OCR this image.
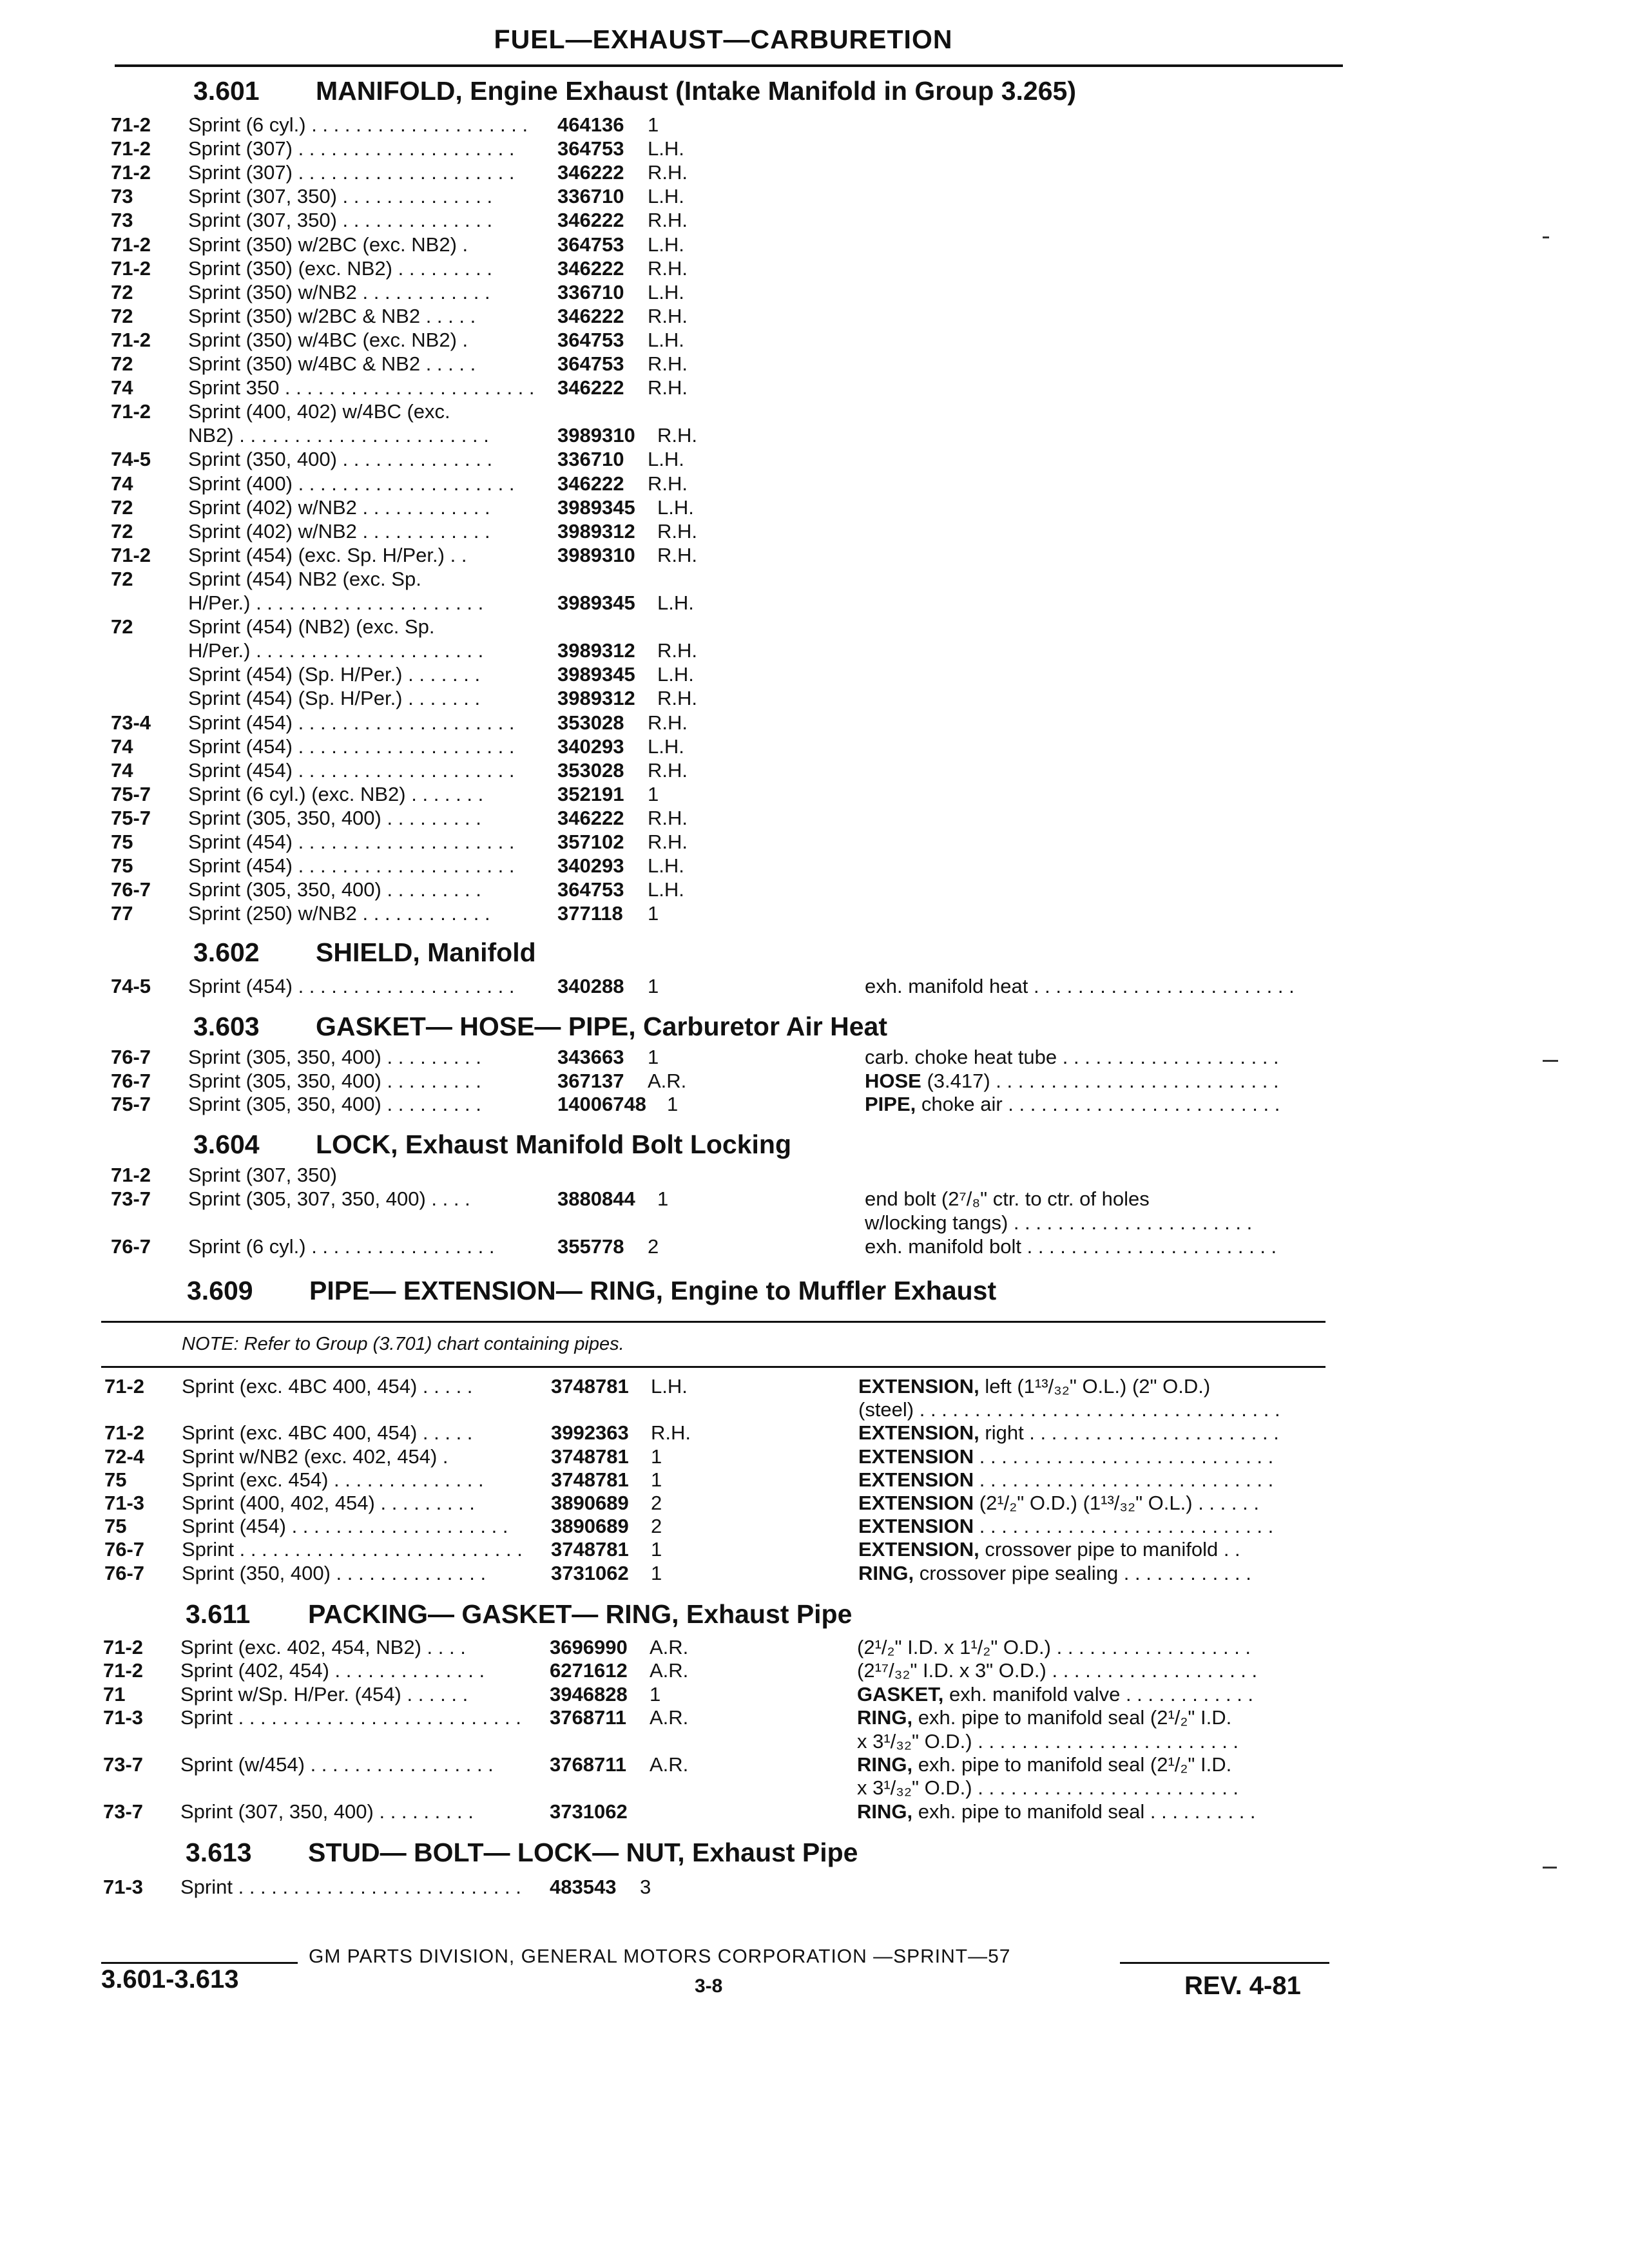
FUEL—EXHAUST—CARBURETION
3.601 MANIFOLD, Engine Exhaust (Intake Manifold in Group 3.265)
71-2 Sprint (6 cyl.) . . . . . . . . . . . . . . . . . . . .	464136 1
71-2 Sprint (307) . . . . . . . . . . . . . . . . . . . .	364753 L.H.
71-2 Sprint (307) . . . . . . . . . . . . . . . . . . . .	346222 R.H.
73	Sprint (307, 350) . . . . . . . . . . . . . .	336710 L.H.
73	Sprint (307, 350) . . . . . . . . . . . . . .	346222 R.H.
71-2 Sprint (350) w/2BC (exc. NB2) .	364753 L.H.
71-2 Sprint (350) (exc. NB2) . . . . . . . . .	346222 R.H.
72	Sprint (350) w/NB2 . . . . . . . . . . . .	336710 L.H.
72	Sprint (350) w/2BC & NB2 . . . . .	346222 R.H.
71-2 Sprint (350) w/4BC (exc. NB2) .	364753 L.H.
72	Sprint (350) w/4BC & NB2 . . . . .	364753 R.H.
74	Sprint 350 . . . . . . . . . . . . . . . . . . . . . . . 346222 R.H.
71-2 Sprint (400, 402) w/4BC (exc.
NB2) . . . . . . . . . . . . . . . . . . . . . . .	3989310 R.H.
74-5 Sprint (350, 400) . . . . . . . . . . . . . .	336710 L.H.
74	Sprint (400) . . . . . . . . . . . . . . . . . . . .	346222 R.H.
72	Sprint (402) w/NB2 . . . . . . . . . . . .	3989345 L.H.
72	Sprint (402) w/NB2 . . . . . . . . . . . .	3989312 R.H.
71-2 Sprint (454) (exc. Sp. H/Per.) . .	3989310 R.H.
72	Sprint (454) NB2 (exc. Sp.
H/Per.) . . . . . . . . . . . . . . . . . . . . .	3989345 L.H.
72	Sprint (454) (NB2) (exc. Sp.
H/Per.) . . . . . . . . . . . . . . . . . . . . .	3989312 R.H.
Sprint (454) (Sp. H/Per.) . . . . . . .	3989345 L.H.
Sprint (454) (Sp. H/Per.) . . . . . . .	3989312 R.H.
73-4 Sprint (454) . . . . . . . . . . . . . . . . . . . .	353028 R.H.
74	Sprint (454) . . . . . . . . . . . . . . . . . . . .	340293 L.H.
74	Sprint (454) . . . . . . . . . . . . . . . . . . . .	353028 R.H.
75-7 Sprint (6 cyl.) (exc. NB2) . . . . . . .	352191 1
75-7 Sprint (305, 350, 400) . . . . . . . . .	346222 R.H.
75	Sprint (454) . . . . . . . . . . . . . . . . . . . .	357102 R.H.
75	Sprint (454) . . . . . . . . . . . . . . . . . . . .	340293 L.H.
76-7 Sprint (305, 350, 400) . . . . . . . . .	364753 L.H.
77	Sprint (250) w/NB2 . . . . . . . . . . . .	377118 1
3.602 SHIELD, Manifold
74-5 Sprint (454) . . . . . . . . . . . . . . . . . . . .	340288 1	exh. manifold heat . . . . . . . . . . . . . . . . . . . . . . . .
3.603 GASKET— HOSE— PIPE, Carburetor Air Heat
76-7 Sprint (305, 350, 400) . . . . . . . . .	343663 1	carb. choke heat tube . . . . . . . . . . . . . . . . . . . .
76-7 Sprint (305, 350, 400) . . . . . . . . .	367137 A.R.	HOSE (3.417) . . . . . . . . . . . . . . . . . . . . . . . . . .
75-7 Sprint (305, 350, 400) . . . . . . . . .	14006748 1	PIPE, choke air . . . . . . . . . . . . . . . . . . . . . . . . .
3.604 LOCK, Exhaust Manifold Bolt Locking
71-2 Sprint (307, 350)
73-7 Sprint (305, 307, 350, 400) . . . .	3880844 1	end bolt (2⁷/₈" ctr. to ctr. of holes
w/locking tangs) . . . . . . . . . . . . . . . . . . . . . .
76-7 Sprint (6 cyl.) . . . . . . . . . . . . . . . . .	355778 2	exh. manifold bolt . . . . . . . . . . . . . . . . . . . . . . .
3.609 PIPE— EXTENSION— RING, Engine to Muffler Exhaust
NOTE: Refer to Group (3.701) chart containing pipes.
71-2 Sprint (exc. 4BC 400, 454) . . . . .	3748781 L.H.	EXTENSION, left (1¹³/₃₂" O.L.) (2" O.D.)
(steel) . . . . . . . . . . . . . . . . . . . . . . . . . . . . . . . . .
71-2 Sprint (exc. 4BC 400, 454) . . . . .	3992363 R.H.	EXTENSION, right . . . . . . . . . . . . . . . . . . . . . . .
72-4 Sprint w/NB2 (exc. 402, 454) .	3748781 1	EXTENSION . . . . . . . . . . . . . . . . . . . . . . . . . . .
75	Sprint (exc. 454) . . . . . . . . . . . . . .	3748781 1	EXTENSION . . . . . . . . . . . . . . . . . . . . . . . . . . .
71-3 Sprint (400, 402, 454) . . . . . . . . .	3890689 2	EXTENSION (2¹/₂" O.D.) (1¹³/₃₂" O.L.) . . . . . .
75	Sprint (454) . . . . . . . . . . . . . . . . . . . .	3890689 2	EXTENSION . . . . . . . . . . . . . . . . . . . . . . . . . . .
76-7 Sprint . . . . . . . . . . . . . . . . . . . . . . . . . .	3748781 1	EXTENSION, crossover pipe to manifold . .
76-7 Sprint (350, 400) . . . . . . . . . . . . . .	3731062 1	RING, crossover pipe sealing . . . . . . . . . . . .
3.611 PACKING— GASKET— RING, Exhaust Pipe
71-2 Sprint (exc. 402, 454, NB2) . . . .	3696990 A.R.	(2¹/₂" I.D. x 1¹/₂" O.D.) . . . . . . . . . . . . . . . . . .
71-2 Sprint (402, 454) . . . . . . . . . . . . . .	6271612 A.R.	(2¹⁷/₃₂" I.D. x 3" O.D.) . . . . . . . . . . . . . . . . . . .
71	Sprint w/Sp. H/Per. (454) . . . . . .	3946828 1	GASKET, exh. manifold valve . . . . . . . . . . . .
71-3 Sprint . . . . . . . . . . . . . . . . . . . . . . . . . .	3768711 A.R.	RING, exh. pipe to manifold seal (2¹/₂" I.D.
x 3¹/₃₂" O.D.) . . . . . . . . . . . . . . . . . . . . . . . .
73-7 Sprint (w/454) . . . . . . . . . . . . . . . . .	3768711 A.R.	RING, exh. pipe to manifold seal (2¹/₂" I.D.
x 3¹/₃₂" O.D.) . . . . . . . . . . . . . . . . . . . . . . . .
73-7 Sprint (307, 350, 400) . . . . . . . . .	3731062	RING, exh. pipe to manifold seal . . . . . . . . . .
3.613 STUD— BOLT— LOCK— NUT, Exhaust Pipe
71-3 Sprint . . . . . . . . . . . . . . . . . . . . . . . . . .	483543 3
GM PARTS DIVISION, GENERAL MOTORS CORPORATION —SPRINT—57
3.601-3.613	3-8	REV. 4-81
